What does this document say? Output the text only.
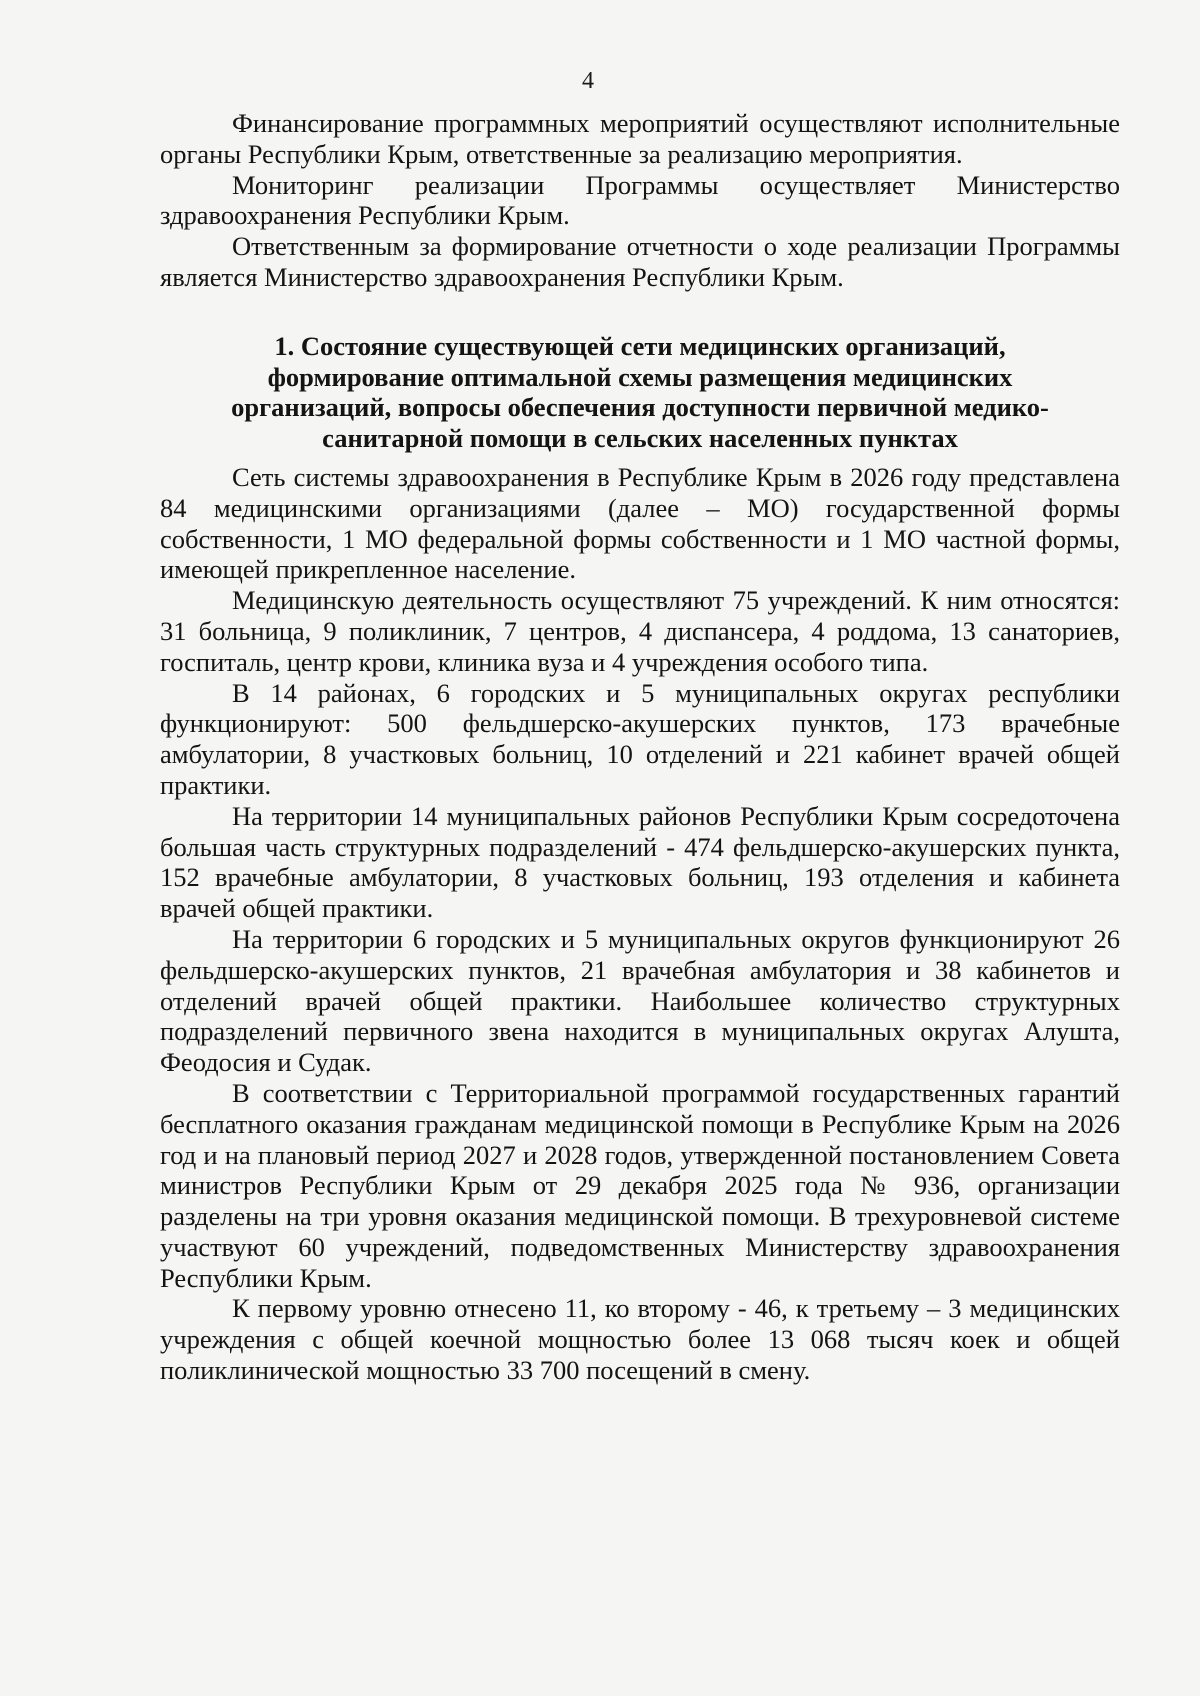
4

Финансирование программных мероприятий осуществляют исполнительные органы Республики Крым, ответственные за реализацию мероприятия.

Мониторинг реализации Программы осуществляет Министерство здравоохранения Республики Крым.

Ответственным за формирование отчетности о ходе реализации Программы является Министерство здравоохранения Республики Крым.

1. Состояние существующей сети медицинских организаций,
формирование оптимальной схемы размещения медицинских
организаций, вопросы обеспечения доступности первичной медико-
санитарной помощи в сельских населенных пунктах

Сеть системы здравоохранения в Республике Крым в 2026 году представлена 84 медицинскими организациями (далее – МО) государственной формы собственности, 1 МО федеральной формы собственности и 1 МО частной формы, имеющей прикрепленное население.

Медицинскую деятельность осуществляют 75 учреждений. К ним относятся: 31 больница, 9 поликлиник, 7 центров, 4 диспансера, 4 роддома, 13 санаториев, госпиталь, центр крови, клиника вуза и 4 учреждения особого типа.

В 14 районах, 6 городских и 5 муниципальных округах республики функционируют: 500 фельдшерско-акушерских пунктов, 173 врачебные амбулатории, 8 участковых больниц, 10 отделений и 221 кабинет врачей общей практики.

На территории 14 муниципальных районов Республики Крым сосредоточена большая часть структурных подразделений - 474 фельдшерско-акушерских пункта, 152 врачебные амбулатории, 8 участковых больниц, 193 отделения и кабинета врачей общей практики.

На территории 6 городских и 5 муниципальных округов функционируют 26 фельдшерско-акушерских пунктов, 21 врачебная амбулатория и 38 кабинетов и отделений врачей общей практики. Наибольшее количество структурных подразделений первичного звена находится в муниципальных округах Алушта, Феодосия и Судак.

В соответствии с Территориальной программой государственных гарантий бесплатного оказания гражданам медицинской помощи в Республике Крым на 2026 год и на плановый период 2027 и 2028 годов, утвержденной постановлением Совета министров Республики Крым от 29 декабря 2025 года № 936, организации разделены на три уровня оказания медицинской помощи. В трехуровневой системе участвуют 60 учреждений, подведомственных Министерству здравоохранения Республики Крым.

К первому уровню отнесено 11, ко второму - 46, к третьему – 3 медицинских учреждения с общей коечной мощностью более 13 068 тысяч коек и общей поликлинической мощностью 33 700 посещений в смену.
